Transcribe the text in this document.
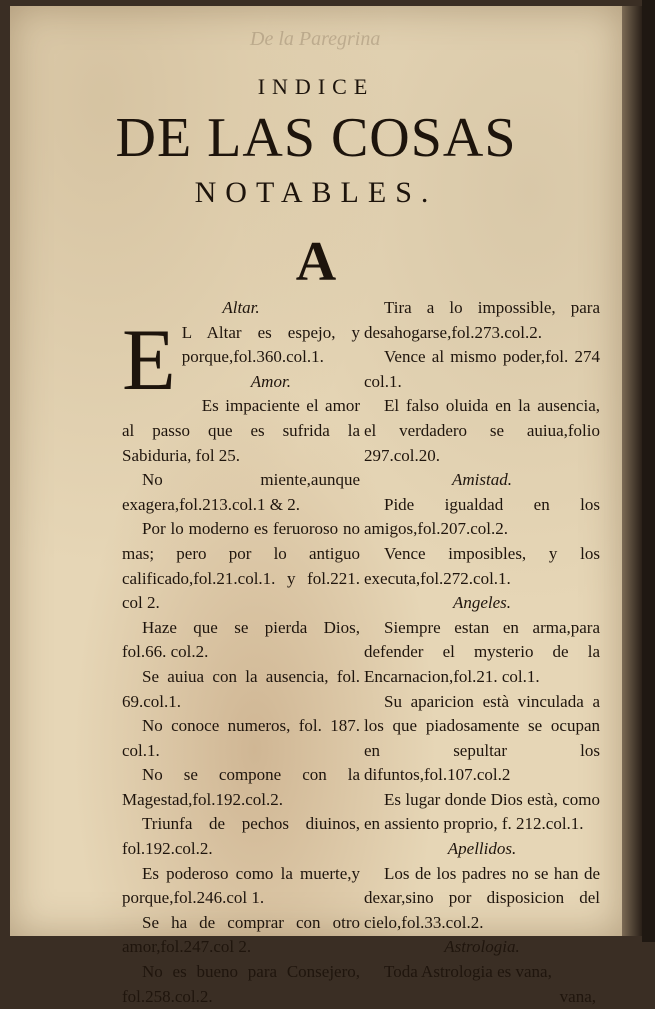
De la Paregrina
INDICE
DE LAS COSAS
NOTABLES.
A
Altar.
E L Altar es espejo, y porque,fol.360.col.1.
Amor.
Es impaciente el amor al passo que es sufrida la Sabiduria, fol 25.
No miente,aunque exagera,fol.213.col.1 & 2.
Por lo moderno es feruoroso no mas; pero por lo antiguo calificado,fol.21.col.1. y fol.221. col 2.
Haze que se pierda Dios, fol.66. col.2.
Se auiua con la ausencia, fol. 69.col.1.
No conoce numeros, fol. 187. col.1.
No se compone con la Magestad,fol.192.col.2.
Triunfa de pechos diuinos, fol.192.col.2.
Es poderoso como la muerte,y porque,fol.246.col 1.
Se ha de comprar con otro amor,fol.247.col 2.
No es bueno para Consejero, fol.258.col.2.
Tira a lo impossible, para desahogarse,fol.273.col.2.
Vence al mismo poder,fol. 274 col.1.
El falso oluida en la ausencia, el verdadero se auiua,folio 297.col.20.
Amistad.
Pide igualdad en los amigos,fol.207.col.2.
Vence imposibles, y los executa,fol.272.col.1.
Angeles.
Siempre estan en arma,para defender el mysterio de la Encarnacion,fol.21. col.1.
Su aparicion està vinculada a los que piadosamente se ocupan en sepultar los difuntos,fol.107.col.2
Es lugar donde Dios està, como en assiento proprio, f. 212.col.1.
Apellidos.
Los de los padres no se han de dexar,sino por disposicion del cielo,fol.33.col.2.
Astrologia.
Toda Astrologia es vana,
vana,
